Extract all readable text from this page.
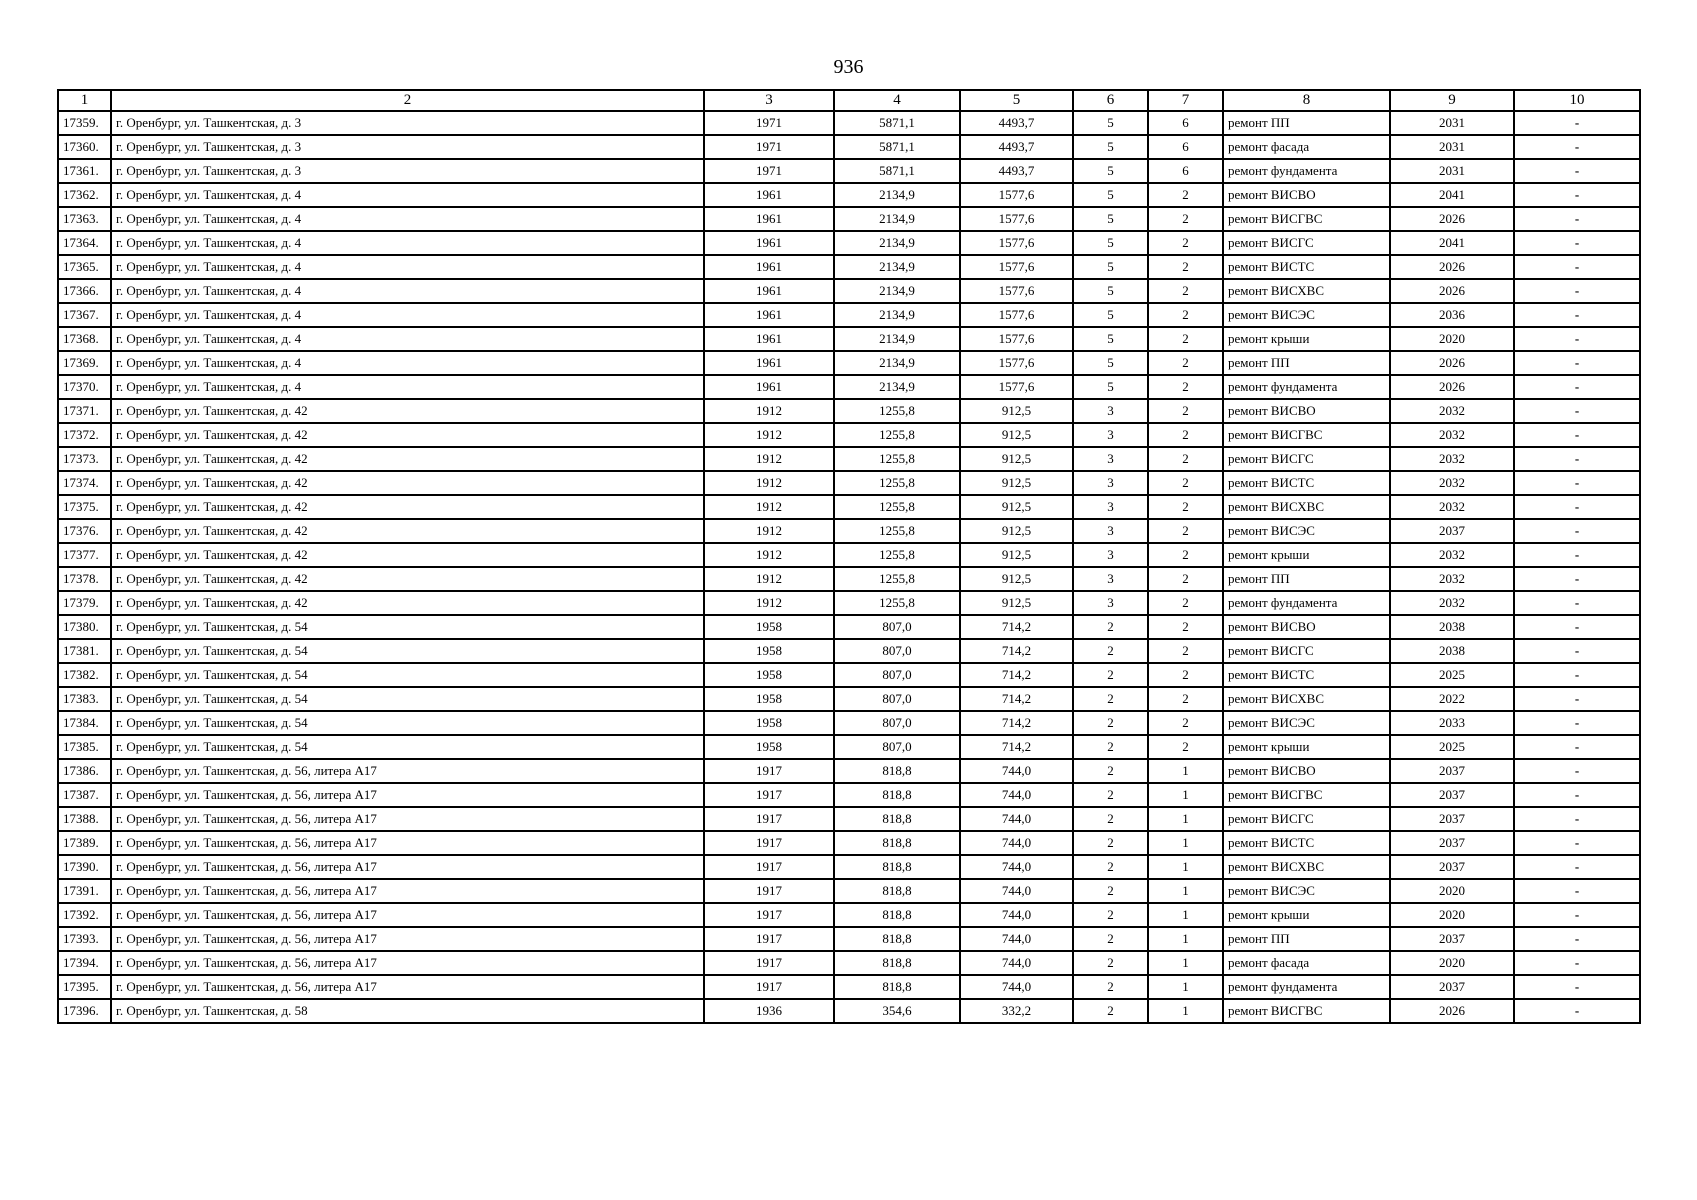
936
1	2	3	4	5	6	7	8	9	10
17359.	г. Оренбург, ул. Ташкентская, д. 3	1971	5871,1	4493,7	5	6	ремонт ПП	2031	-
17360.	г. Оренбург, ул. Ташкентская, д. 3	1971	5871,1	4493,7	5	6	ремонт фасада	2031	-
17361.	г. Оренбург, ул. Ташкентская, д. 3	1971	5871,1	4493,7	5	6	ремонт фундамента	2031	-
17362.	г. Оренбург, ул. Ташкентская, д. 4	1961	2134,9	1577,6	5	2	ремонт ВИСВО	2041	-
17363.	г. Оренбург, ул. Ташкентская, д. 4	1961	2134,9	1577,6	5	2	ремонт ВИСГВС	2026	-
17364.	г. Оренбург, ул. Ташкентская, д. 4	1961	2134,9	1577,6	5	2	ремонт ВИСГС	2041	-
17365.	г. Оренбург, ул. Ташкентская, д. 4	1961	2134,9	1577,6	5	2	ремонт ВИСТС	2026	-
17366.	г. Оренбург, ул. Ташкентская, д. 4	1961	2134,9	1577,6	5	2	ремонт ВИСХВС	2026	-
17367.	г. Оренбург, ул. Ташкентская, д. 4	1961	2134,9	1577,6	5	2	ремонт ВИСЭС	2036	-
17368.	г. Оренбург, ул. Ташкентская, д. 4	1961	2134,9	1577,6	5	2	ремонт крыши	2020	-
17369.	г. Оренбург, ул. Ташкентская, д. 4	1961	2134,9	1577,6	5	2	ремонт ПП	2026	-
17370.	г. Оренбург, ул. Ташкентская, д. 4	1961	2134,9	1577,6	5	2	ремонт фундамента	2026	-
17371.	г. Оренбург, ул. Ташкентская, д. 42	1912	1255,8	912,5	3	2	ремонт ВИСВО	2032	-
17372.	г. Оренбург, ул. Ташкентская, д. 42	1912	1255,8	912,5	3	2	ремонт ВИСГВС	2032	-
17373.	г. Оренбург, ул. Ташкентская, д. 42	1912	1255,8	912,5	3	2	ремонт ВИСГС	2032	-
17374.	г. Оренбург, ул. Ташкентская, д. 42	1912	1255,8	912,5	3	2	ремонт ВИСТС	2032	-
17375.	г. Оренбург, ул. Ташкентская, д. 42	1912	1255,8	912,5	3	2	ремонт ВИСХВС	2032	-
17376.	г. Оренбург, ул. Ташкентская, д. 42	1912	1255,8	912,5	3	2	ремонт ВИСЭС	2037	-
17377.	г. Оренбург, ул. Ташкентская, д. 42	1912	1255,8	912,5	3	2	ремонт крыши	2032	-
17378.	г. Оренбург, ул. Ташкентская, д. 42	1912	1255,8	912,5	3	2	ремонт ПП	2032	-
17379.	г. Оренбург, ул. Ташкентская, д. 42	1912	1255,8	912,5	3	2	ремонт фундамента	2032	-
17380.	г. Оренбург, ул. Ташкентская, д. 54	1958	807,0	714,2	2	2	ремонт ВИСВО	2038	-
17381.	г. Оренбург, ул. Ташкентская, д. 54	1958	807,0	714,2	2	2	ремонт ВИСГС	2038	-
17382.	г. Оренбург, ул. Ташкентская, д. 54	1958	807,0	714,2	2	2	ремонт ВИСТС	2025	-
17383.	г. Оренбург, ул. Ташкентская, д. 54	1958	807,0	714,2	2	2	ремонт ВИСХВС	2022	-
17384.	г. Оренбург, ул. Ташкентская, д. 54	1958	807,0	714,2	2	2	ремонт ВИСЭС	2033	-
17385.	г. Оренбург, ул. Ташкентская, д. 54	1958	807,0	714,2	2	2	ремонт крыши	2025	-
17386.	г. Оренбург, ул. Ташкентская, д. 56, литера А17	1917	818,8	744,0	2	1	ремонт ВИСВО	2037	-
17387.	г. Оренбург, ул. Ташкентская, д. 56, литера А17	1917	818,8	744,0	2	1	ремонт ВИСГВС	2037	-
17388.	г. Оренбург, ул. Ташкентская, д. 56, литера А17	1917	818,8	744,0	2	1	ремонт ВИСГС	2037	-
17389.	г. Оренбург, ул. Ташкентская, д. 56, литера А17	1917	818,8	744,0	2	1	ремонт ВИСТС	2037	-
17390.	г. Оренбург, ул. Ташкентская, д. 56, литера А17	1917	818,8	744,0	2	1	ремонт ВИСХВС	2037	-
17391.	г. Оренбург, ул. Ташкентская, д. 56, литера А17	1917	818,8	744,0	2	1	ремонт ВИСЭС	2020	-
17392.	г. Оренбург, ул. Ташкентская, д. 56, литера А17	1917	818,8	744,0	2	1	ремонт крыши	2020	-
17393.	г. Оренбург, ул. Ташкентская, д. 56, литера А17	1917	818,8	744,0	2	1	ремонт ПП	2037	-
17394.	г. Оренбург, ул. Ташкентская, д. 56, литера А17	1917	818,8	744,0	2	1	ремонт фасада	2020	-
17395.	г. Оренбург, ул. Ташкентская, д. 56, литера А17	1917	818,8	744,0	2	1	ремонт фундамента	2037	-
17396.	г. Оренбург, ул. Ташкентская, д. 58	1936	354,6	332,2	2	1	ремонт ВИСГВС	2026	-
